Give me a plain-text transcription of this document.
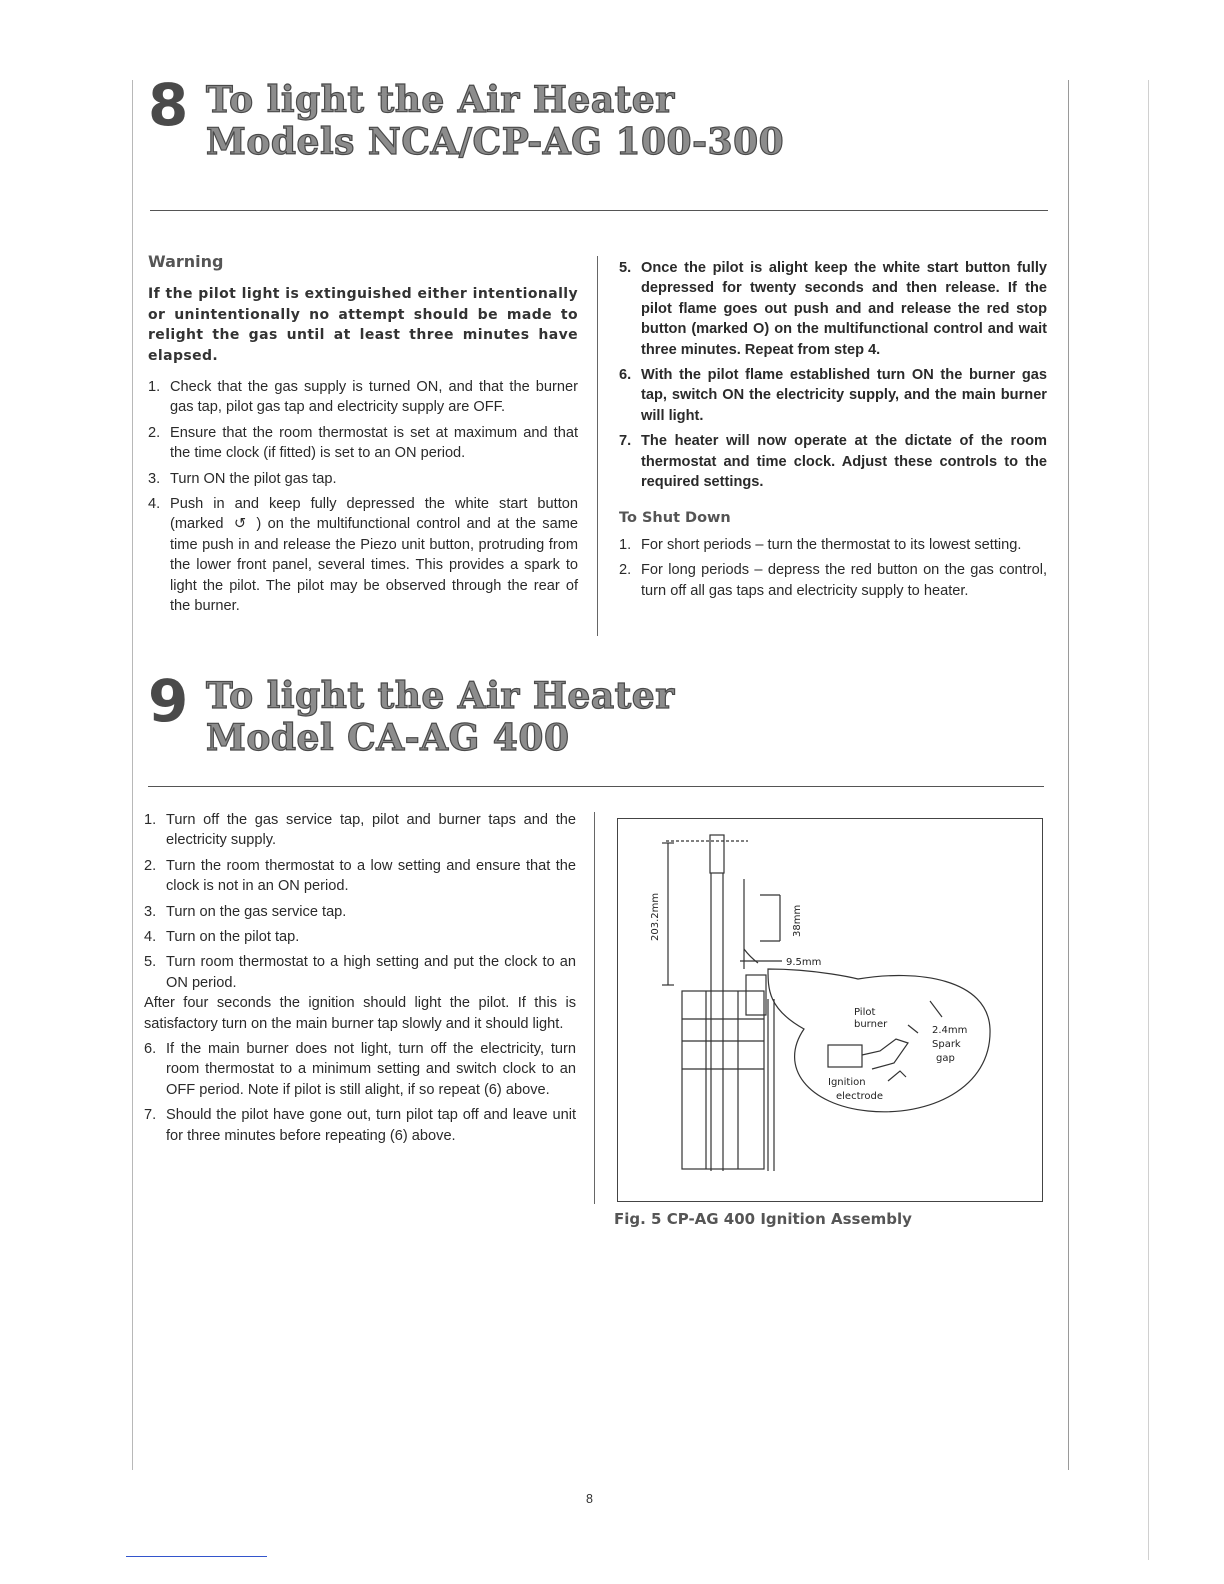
8 To light the Air Heater
Models NCA/CP-AG 100-300
Warning
If the pilot light is extinguished either intentionally or unintentionally no attempt should be made to relight the gas until at least three minutes have elapsed.
1. Check that the gas supply is turned ON, and that the burner gas tap, pilot gas tap and electricity supply are OFF.
2. Ensure that the room thermostat is set at maximum and that the time clock (if fitted) is set to an ON period.
3. Turn ON the pilot gas tap.
4. Push in and keep fully depressed the white start button (marked ↺ ) on the multifunctional control and at the same time push in and release the Piezo unit button, protruding from the lower front panel, several times. This provides a spark to light the pilot. The pilot may be observed through the rear of the burner.
5. Once the pilot is alight keep the white start button fully depressed for twenty seconds and then release. If the pilot flame goes out push and and release the red stop button (marked O) on the multifunctional control and wait three minutes. Repeat from step 4.
6. With the pilot flame established turn ON the burner gas tap, switch ON the electricity supply, and the main burner will light.
7. The heater will now operate at the dictate of the room thermostat and time clock. Adjust these controls to the required settings.
To Shut Down
1. For short periods – turn the thermostat to its lowest setting.
2. For long periods – depress the red button on the gas control, turn off all gas taps and electricity supply to heater.
9 To light the Air Heater
Model CA-AG 400
1. Turn off the gas service tap, pilot and burner taps and the electricity supply.
2. Turn the room thermostat to a low setting and ensure that the clock is not in an ON period.
3. Turn on the gas service tap.
4. Turn on the pilot tap.
5. Turn room thermostat to a high setting and put the clock to an ON period.
After four seconds the ignition should light the pilot. If this is satisfactory turn on the main burner tap slowly and it should light.
6. If the main burner does not light, turn off the electricity, turn room thermostat to a minimum setting and switch clock to an OFF period. Note if pilot is still alight, if so repeat (6) above.
7. Should the pilot have gone out, turn pilot tap off and leave unit for three minutes before repeating (6) above.
203.2mm	38mm
9.5mm
Pilot
burner
2.4mm
Spark
gap
Ignition
electrode
Fig. 5 CP-AG 400 Ignition Assembly
8
